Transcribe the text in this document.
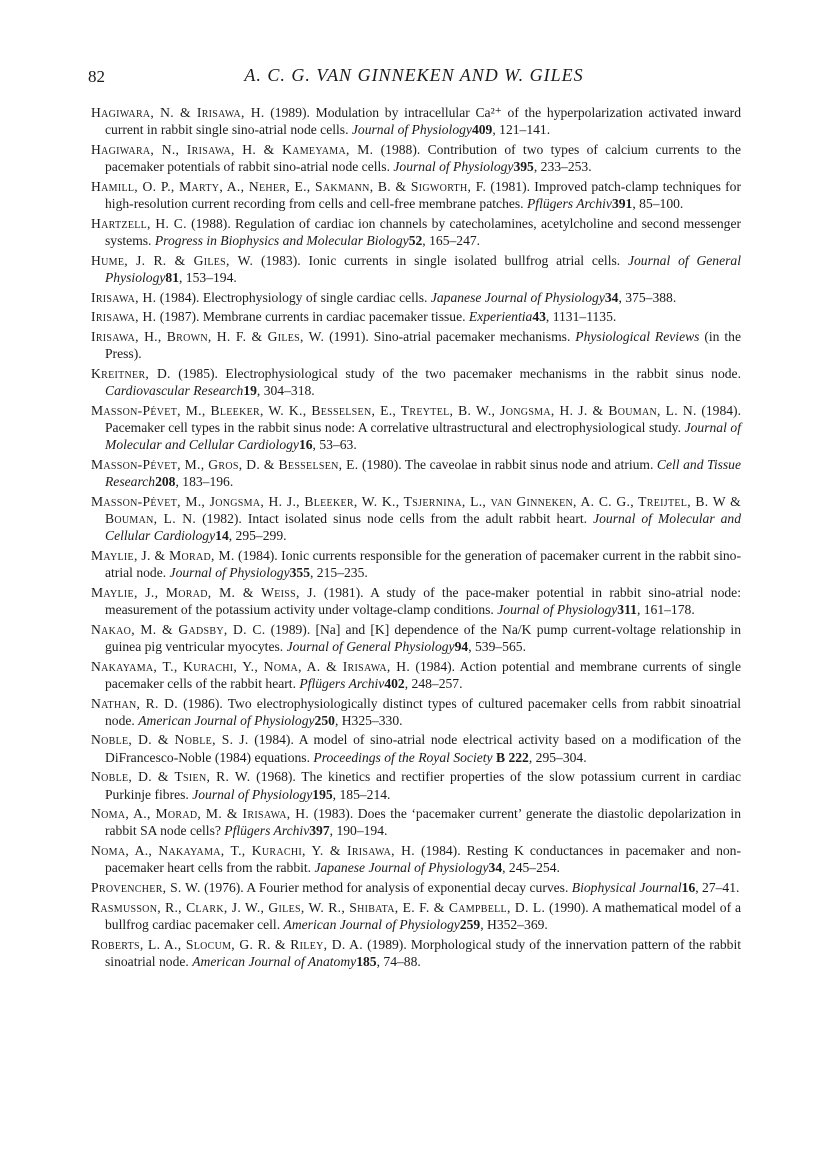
82	A. C. G. VAN GINNEKEN AND W. GILES

Hagiwara, N. & Irisawa, H. (1989). Modulation by intracellular Ca²⁺ of the hyperpolarization activated inward current in rabbit single sino-atrial node cells. Journal of Physiology409, 121–141.

Hagiwara, N., Irisawa, H. & Kameyama, M. (1988). Contribution of two types of calcium currents to the pacemaker potentials of rabbit sino-atrial node cells. Journal of Physiology395, 233–253.

Hamill, O. P., Marty, A., Neher, E., Sakmann, B. & Sigworth, F. (1981). Improved patch-clamp techniques for high-resolution current recording from cells and cell-free membrane patches. Pflügers Archiv391, 85–100.

Hartzell, H. C. (1988). Regulation of cardiac ion channels by catecholamines, acetylcholine and second messenger systems. Progress in Biophysics and Molecular Biology52, 165–247.

Hume, J. R. & Giles, W. (1983). Ionic currents in single isolated bullfrog atrial cells. Journal of General Physiology81, 153–194.

Irisawa, H. (1984). Electrophysiology of single cardiac cells. Japanese Journal of Physiology34, 375–388.

Irisawa, H. (1987). Membrane currents in cardiac pacemaker tissue. Experientia43, 1131–1135.

Irisawa, H., Brown, H. F. & Giles, W. (1991). Sino-atrial pacemaker mechanisms. Physiological Reviews (in the Press).

Kreitner, D. (1985). Electrophysiological study of the two pacemaker mechanisms in the rabbit sinus node. Cardiovascular Research19, 304–318.

Masson-Pévet, M., Bleeker, W. K., Besselsen, E., Treytel, B. W., Jongsma, H. J. & Bouman, L. N. (1984). Pacemaker cell types in the rabbit sinus node: A correlative ultrastructural and electrophysiological study. Journal of Molecular and Cellular Cardiology16, 53–63.

Masson-Pévet, M., Gros, D. & Besselsen, E. (1980). The caveolae in rabbit sinus node and atrium. Cell and Tissue Research208, 183–196.

Masson-Pévet, M., Jongsma, H. J., Bleeker, W. K., Tsjernina, L., van Ginneken, A. C. G., Treijtel, B. W & Bouman, L. N. (1982). Intact isolated sinus node cells from the adult rabbit heart. Journal of Molecular and Cellular Cardiology14, 295–299.

Maylie, J. & Morad, M. (1984). Ionic currents responsible for the generation of pacemaker current in the rabbit sino-atrial node. Journal of Physiology355, 215–235.

Maylie, J., Morad, M. & Weiss, J. (1981). A study of the pace-maker potential in rabbit sino-atrial node: measurement of the potassium activity under voltage-clamp conditions. Journal of Physiology311, 161–178.

Nakao, M. & Gadsby, D. C. (1989). [Na] and [K] dependence of the Na/K pump current-voltage relationship in guinea pig ventricular myocytes. Journal of General Physiology94, 539–565.

Nakayama, T., Kurachi, Y., Noma, A. & Irisawa, H. (1984). Action potential and membrane currents of single pacemaker cells of the rabbit heart. Pflügers Archiv402, 248–257.

Nathan, R. D. (1986). Two electrophysiologically distinct types of cultured pacemaker cells from rabbit sinoatrial node. American Journal of Physiology250, H325–330.

Noble, D. & Noble, S. J. (1984). A model of sino-atrial node electrical activity based on a modification of the DiFrancesco-Noble (1984) equations. Proceedings of the Royal Society B 222, 295–304.

Noble, D. & Tsien, R. W. (1968). The kinetics and rectifier properties of the slow potassium current in cardiac Purkinje fibres. Journal of Physiology195, 185–214.

Noma, A., Morad, M. & Irisawa, H. (1983). Does the ‘pacemaker current’ generate the diastolic depolarization in rabbit SA node cells? Pflügers Archiv397, 190–194.

Noma, A., Nakayama, T., Kurachi, Y. & Irisawa, H. (1984). Resting K conductances in pacemaker and non-pacemaker heart cells from the rabbit. Japanese Journal of Physiology34, 245–254.

Provencher, S. W. (1976). A Fourier method for analysis of exponential decay curves. Biophysical Journal16, 27–41.

Rasmusson, R., Clark, J. W., Giles, W. R., Shibata, E. F. & Campbell, D. L. (1990). A mathematical model of a bullfrog cardiac pacemaker cell. American Journal of Physiology259, H352–369.

Roberts, L. A., Slocum, G. R. & Riley, D. A. (1989). Morphological study of the innervation pattern of the rabbit sinoatrial node. American Journal of Anatomy185, 74–88.
